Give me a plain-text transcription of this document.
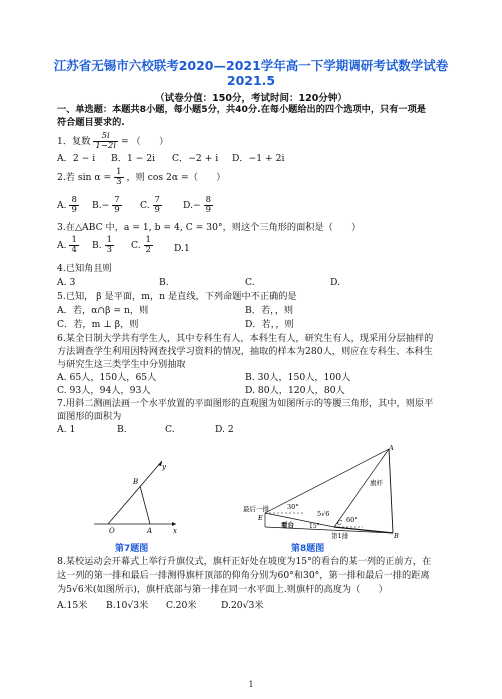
江苏省无锡市六校联考2020—2021学年高一下学期调研考试数学试卷
2021.5
（试卷分值：150分，考试时间：120分钟）
一、单选题：本题共8小题，每小题5分，共40分.在每小题给出的四个选项中，只有一项是
符合题目要求的.
1．复数 $\frac{5i}{1-2i}$ = （　　）
A．2 − i B．1 − 2i C．−2 + i D．−1 + 2i
2.若 $\sin \alpha = \frac{1}{3}$ ，则 cos 2α =（　　）
A. $\frac{8}{9} B.- \frac{7}{9} C$. $\frac{7}{9} D.- \frac{8}{9}$
3.在△ABC 中，a = 1, b = 4, C = 30°，则这个三角形的面积是（　　）
A. $\frac{1}{4} B$. $\frac{1}{3} C$. $\frac{1}{2} D.1$
4.已知角且则
A. 3	B.	C.	D.
5.已知， β 是平面，m，n 是直线，下列命题中不正确的是
A．若，α∩β = n，则	B．若，，则
C．若，m ⊥ β，则	D．若，，则
6.某全日制大学共有学生人，其中专科生有人，本科生有人，研究生有人，现采用分层抽样的
方法调查学生利用因特网查找学习资料的情况，抽取的样本为280人，则应在专科生、本科生
与研究生这三类学生中分别抽取
A. 65人，150人，65人	B. 30人，150人，100人
C. 93人，94人，93人	D. 80人，120人，80人
7.用斜二测画法画一个水平放置的平面图形的直观图为如图所示的等腰三角形，其中，则原平
面图形的面积为
A. 1	B.	C.	D. 2
y
B
O	A	x
第7题图
A
旗杆
最后一排
E
30°
5√6
60°
看台	15°	C
第1排	B
第8题图
8.某校运动会开幕式上举行升旗仪式，旗杆正好处在坡度为15°的看台的某一列的正前方，在
这一列的第一排和最后一排测得旗杆顶部的仰角分别为60°和30°，第一排和最后一排的距离
为5√6米(如图所示)，旗杆底部与第一排在同一水平面上.则旗杆的高度为（　　）
A.15米 B.10√3米 C.20米	D.20√3米
1
